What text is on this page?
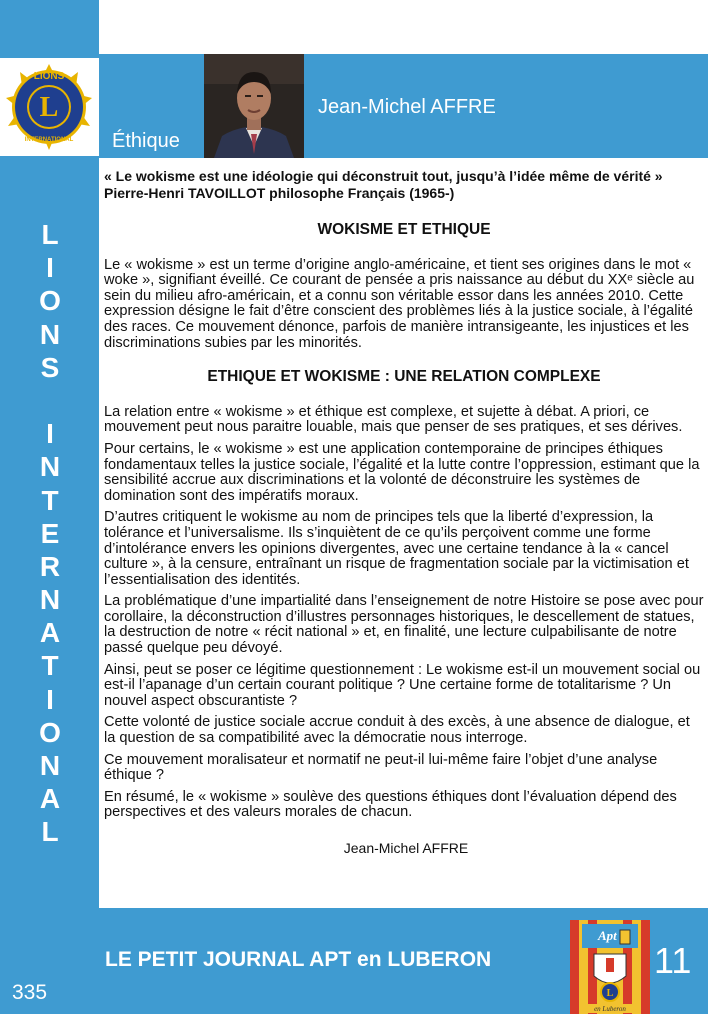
LIONS
INTERNATIONAL
L	Jean-Michel AFFRE
Éthique
L
I
O
N
S
I
N
T
E
R
N
A
T
I
O
N
A
L

« Le wokisme est une idéologie qui déconstruit tout, jusqu’à l’idée même de vérité » Pierre-Henri TAVOILLOT philosophe Français (1965-)

WOKISME ET ETHIQUE

Le « wokisme » est un terme d’origine anglo-américaine, et tient ses origines dans le mot « woke », signifiant éveillé. Ce courant de pensée a pris naissance au début du XXᵉ siècle au sein du milieu afro-américain, et a connu son véritable essor dans les années 2010. Cette expression désigne le fait d’être conscient des problèmes liés à la justice sociale, à l’égalité des races. Ce mouvement dénonce, parfois de manière intransigeante, les injustices et les discriminations subies par les minorités.

ETHIQUE ET WOKISME : UNE RELATION COMPLEXE

La relation entre « wokisme » et éthique est complexe, et sujette à débat. A priori, ce mouvement peut nous paraitre louable, mais que penser de ses pratiques, et ses dérives.

Pour certains, le « wokisme » est une application contemporaine de principes éthiques fondamentaux telles la justice sociale, l’égalité et la lutte contre l’oppression, estimant que la sensibilité accrue aux discriminations et la volonté de déconstruire les systèmes de domination sont des impératifs moraux.

D’autres critiquent le wokisme au nom de principes tels que la liberté d’expression, la tolérance et l’universalisme. Ils s’inquiètent de ce qu’ils perçoivent comme une forme d’intolérance envers les opinions divergentes, avec une certaine tendance à la « cancel culture », à la censure, entraînant un risque de fragmentation sociale par la victimisation et l’essentialisation des identités.

La problématique d’une impartialité dans l’enseignement de notre Histoire se pose avec pour corollaire, la déconstruction d’illustres personnages historiques, le descellement de statues, la destruction de notre « récit national » et, en finalité, une lecture culpabilisante de notre passé quelque peu dévoyé.

Ainsi, peut se poser ce légitime questionnement : Le wokisme est-il un mouvement social ou est-il l’apanage d’un certain courant politique ? Une certaine forme de totalitarisme ? Un nouvel aspect obscurantiste ?

Cette volonté de justice sociale accrue conduit à des excès, à une absence de dialogue, et la question de sa compatibilité avec la démocratie nous interroge.

Ce mouvement moralisateur et normatif ne peut-il lui-même faire l’objet d’une analyse éthique ?

En résumé, le « wokisme » soulève des questions éthiques dont l’évaluation dépend des perspectives et des valeurs morales de chacun.

Jean-Michel AFFRE

LE PETIT JOURNAL APT en LUBERON
Apt
L
en Luberon
11
335
